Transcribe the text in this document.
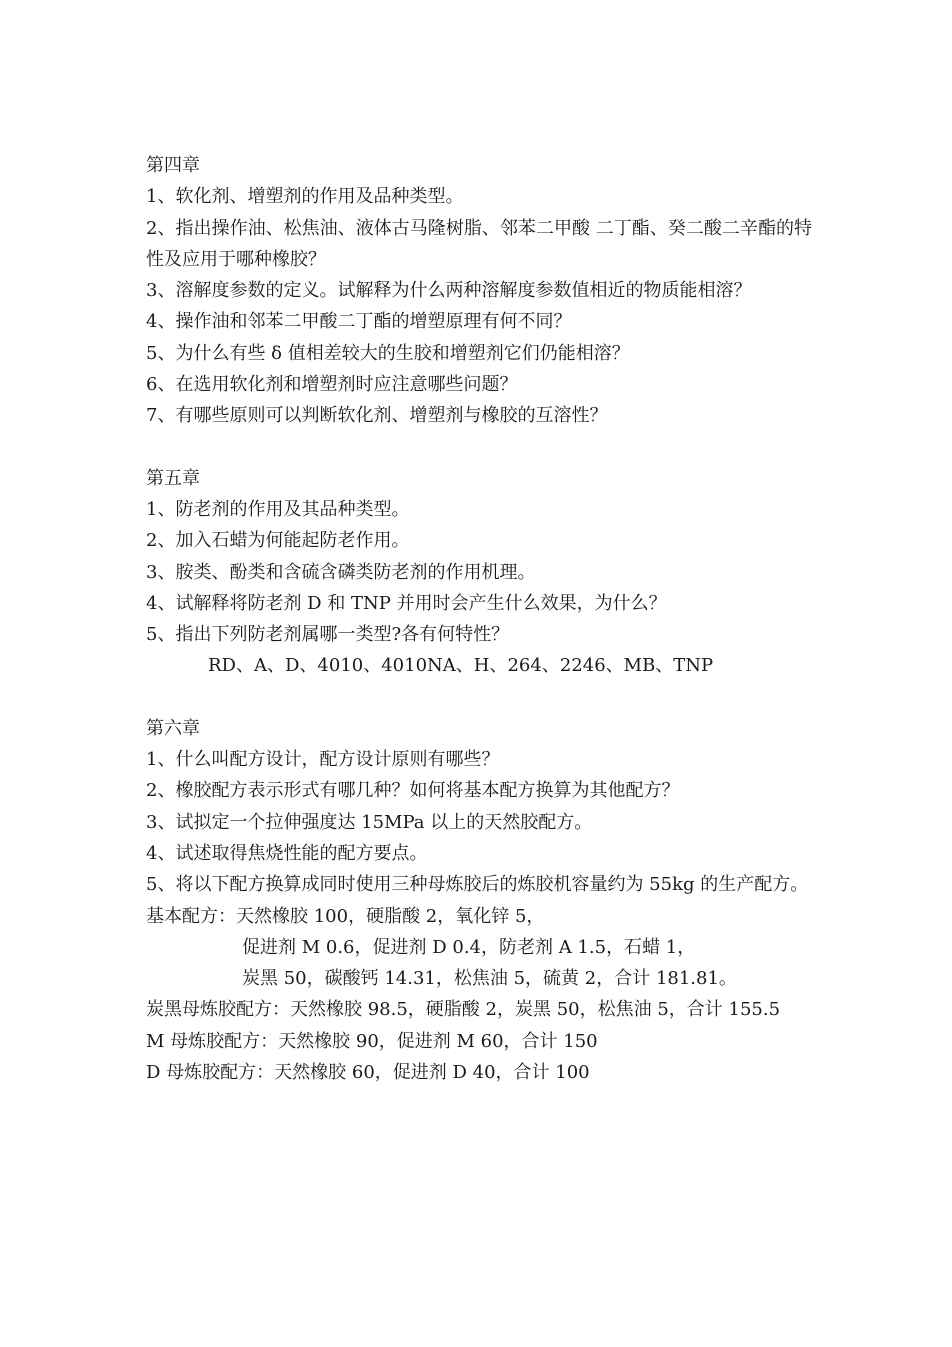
第四章

1、软化剂、增塑剂的作用及品种类型。

2、指出操作油、松焦油、液体古马隆树脂、邻苯二甲酸 二丁酯、癸二酸二辛酯的特性及应用于哪种橡胶？

3、溶解度参数的定义。试解释为什么两种溶解度参数值相近的物质能相溶？

4、操作油和邻苯二甲酸二丁酯的增塑原理有何不同？

5、为什么有些 δ 值相差较大的生胶和增塑剂它们仍能相溶？

6、在选用软化剂和增塑剂时应注意哪些问题？

7、有哪些原则可以判断软化剂、增塑剂与橡胶的互溶性？

第五章

1、防老剂的作用及其品种类型。

2、加入石蜡为何能起防老作用。

3、胺类、酚类和含硫含磷类防老剂的作用机理。

4、试解释将防老剂 D 和 TNP 并用时会产生什么效果，为什么？

5、指出下列防老剂属哪一类型?各有何特性？

RD、A、D、4010、4010NA、H、264、2246、MB、TNP

第六章

1、什么叫配方设计，配方设计原则有哪些？

2、橡胶配方表示形式有哪几种？如何将基本配方换算为其他配方？

3、试拟定一个拉伸强度达 15MPa 以上的天然胶配方。

4、试述取得焦烧性能的配方要点。

5、将以下配方换算成同时使用三种母炼胶后的炼胶机容量约为 55kg 的生产配方。

基本配方：天然橡胶 100，硬脂酸 2，氧化锌 5，

促进剂 M 0.6，促进剂 D 0.4，防老剂 A 1.5，石蜡 1，

炭黑 50，碳酸钙 14.31，松焦油 5，硫黄 2，合计 181.81。

炭黑母炼胶配方：天然橡胶 98.5，硬脂酸 2，炭黑 50，松焦油 5，合计 155.5

M 母炼胶配方：天然橡胶 90，促进剂 M 60，合计 150

D 母炼胶配方：天然橡胶 60，促进剂 D 40，合计 100
